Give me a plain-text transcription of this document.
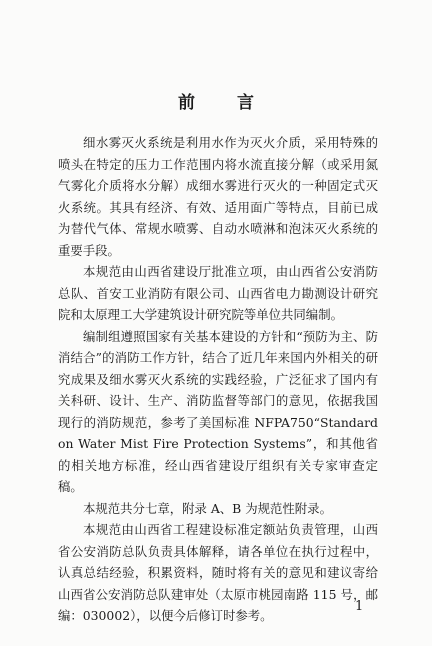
前 言

细水雾灭火系统是利用水作为灭火介质，采用特殊的喷头在特定的压力工作范围内将水流直接分解（或采用氮气雾化介质将水分解）成细水雾进行灭火的一种固定式灭火系统。其具有经济、有效、适用面广等特点，目前已成为替代气体、常规水喷雾、自动水喷淋和泡沫灭火系统的重要手段。

本规范由山西省建设厅批准立项，由山西省公安消防总队、首安工业消防有限公司、山西省电力勘测设计研究院和太原理工大学建筑设计研究院等单位共同编制。

编制组遵照国家有关基本建设的方针和“预防为主、防消结合”的消防工作方针，结合了近几年来国内外相关的研究成果及细水雾灭火系统的实践经验，广泛征求了国内有关科研、设计、生产、消防监督等部门的意见，依据我国现行的消防规范，参考了美国标准 NFPA750“Standard on Water Mist Fire Protection Systems”，和其他省的相关地方标准，经山西省建设厅组织有关专家审查定稿。

本规范共分七章，附录 A、B 为规范性附录。

本规范由山西省工程建设标准定额站负责管理，山西省公安消防总队负责具体解释，请各单位在执行过程中，认真总结经验，积累资料，随时将有关的意见和建议寄给山西省公安消防总队建审处（太原市桃园南路 115 号，邮编：030002），以便今后修订时参考。

1
